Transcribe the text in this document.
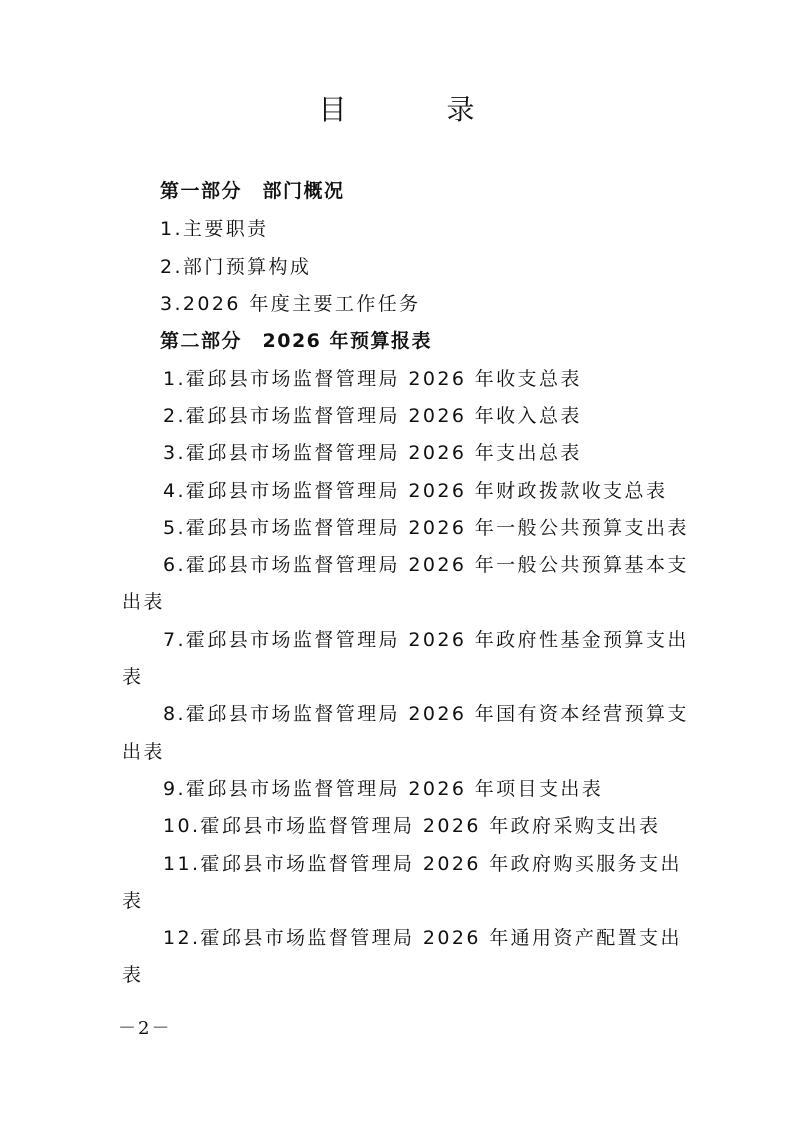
目　录
第一部分　部门概况
1.主要职责
2.部门预算构成
3.2026 年度主要工作任务
第二部分　2026 年预算报表
1.霍邱县市场监督管理局 2026 年收支总表
2.霍邱县市场监督管理局 2026 年收入总表
3.霍邱县市场监督管理局 2026 年支出总表
4.霍邱县市场监督管理局 2026 年财政拨款收支总表
5.霍邱县市场监督管理局 2026 年一般公共预算支出表
6.霍邱县市场监督管理局 2026 年一般公共预算基本支
出表
7.霍邱县市场监督管理局 2026 年政府性基金预算支出
表
8.霍邱县市场监督管理局 2026 年国有资本经营预算支
出表
9.霍邱县市场监督管理局 2026 年项目支出表
10.霍邱县市场监督管理局 2026 年政府采购支出表
11.霍邱县市场监督管理局 2026 年政府购买服务支出
表
12.霍邱县市场监督管理局 2026 年通用资产配置支出
表
－2－
